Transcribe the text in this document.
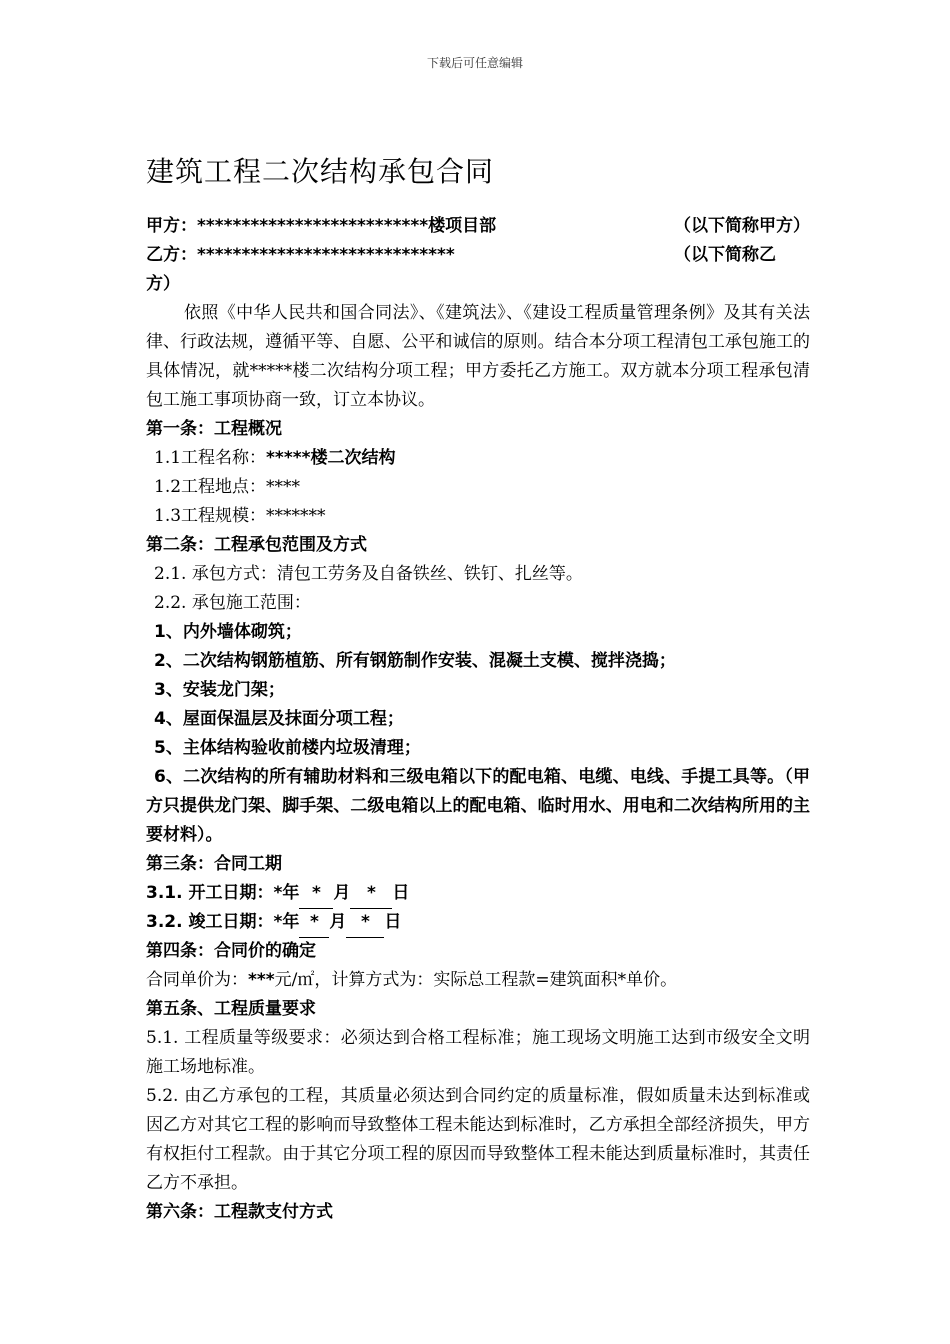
下载后可任意编辑
建筑工程二次结构承包合同
甲方：**************************楼项目部	（以下简称甲方）
乙方：*****************************	（以下简称乙
方）
依照《中华人民共和国合同法》、《建筑法》、《建设工程质量管理条例》及其有关法律、行政法规，遵循平等、自愿、公平和诚信的原则。结合本分项工程清包工承包施工的具体情况，就*****楼二次结构分项工程；甲方委托乙方施工。双方就本分项工程承包清包工施工事项协商一致，订立本协议。
第一条：工程概况
1.1工程名称：*****楼二次结构
1.2工程地点：****
1.3工程规模：*******
第二条：工程承包范围及方式
2.1. 承包方式：清包工劳务及自备铁丝、铁钉、扎丝等。
2.2. 承包施工范围：
1、内外墙体砌筑；
2、二次结构钢筋植筋、所有钢筋制作安装、混凝土支模、搅拌浇捣；
3、安装龙门架；
4、屋面保温层及抹面分项工程；
5、主体结构验收前楼内垃圾清理；
6、二次结构的所有辅助材料和三级电箱以下的配电箱、电缆、电线、手提工具等。（甲方只提供龙门架、脚手架、二级电箱以上的配电箱、临时用水、用电和二次结构所用的主要材料）。
第三条：合同工期
3.1. 开工日期：*年 * 月 * 日
3.2. 竣工日期：*年 * 月 * 日
第四条：合同价的确定
合同单价为：***元/㎡，计算方式为：实际总工程款=建筑面积*单价。
第五条、工程质量要求
5.1. 工程质量等级要求：必须达到合格工程标准；施工现场文明施工达到市级安全文明施工场地标准。
5.2. 由乙方承包的工程，其质量必须达到合同约定的质量标准，假如质量未达到标准或因乙方对其它工程的影响而导致整体工程未能达到标准时，乙方承担全部经济损失，甲方有权拒付工程款。由于其它分项工程的原因而导致整体工程未能达到质量标准时，其责任乙方不承担。
第六条：工程款支付方式
